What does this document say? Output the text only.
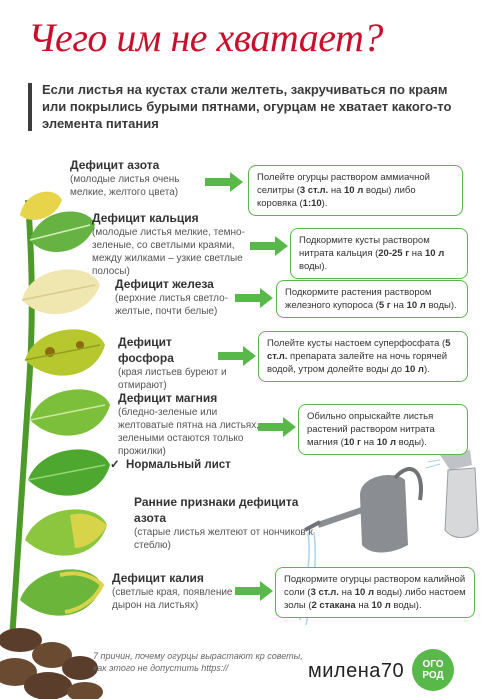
Чего им не хватает?
Если листья на кустах стали желтеть, закручиваться по краям или покрылись бурыми пятнами, огурцам не хватает какого-то элемента питания
Дефицит азота
(молодые листья очень мелкие, желтого цвета)
Полейте огурцы раствором аммиачной селитры (3 ст.л. на 10 л воды) либо коровяка (1:10).
Дефицит кальция
(молодые листья мелкие, темно-зеленые, со светлыми краями, между жилками – узкие светлые полосы)
Подкормите кусты раствором нитрата кальция (20-25 г на 10 л воды).
Дефицит железа
(верхние листья светло-желтые, почти белые)
Подкормите растения раствором железного купороса (5 г на 10 л воды).
Дефицит фосфора
(края листьев буреют и отмирают)
Полейте кусты настоем суперфосфата (5 ст.л. препарата залейте на ночь горячей водой, утром долейте воды до 10 л).
Дефицит магния
(бледно-зеленые или желтоватые пятна на листьях, зелеными остаются только прожилки)
Обильно опрыскайте листья растений раствором нитрата магния (10 г на 10 л воды).
✓ Нормальный лист
Ранние признаки дефицита азота
(старые листья желтеют от нончиков к стеблю)
Дефицит калия
(светлые края, появление дырон на листьях)
Подкормите огурцы раствором калийной соли (3 ст.л. на 10 л воды) либо настоем золы (2 стакана на 10 л воды).
7 причин, почему огурцы вырастают кр советы, как этого не допустить https://	милена70	ОГО
РОД
